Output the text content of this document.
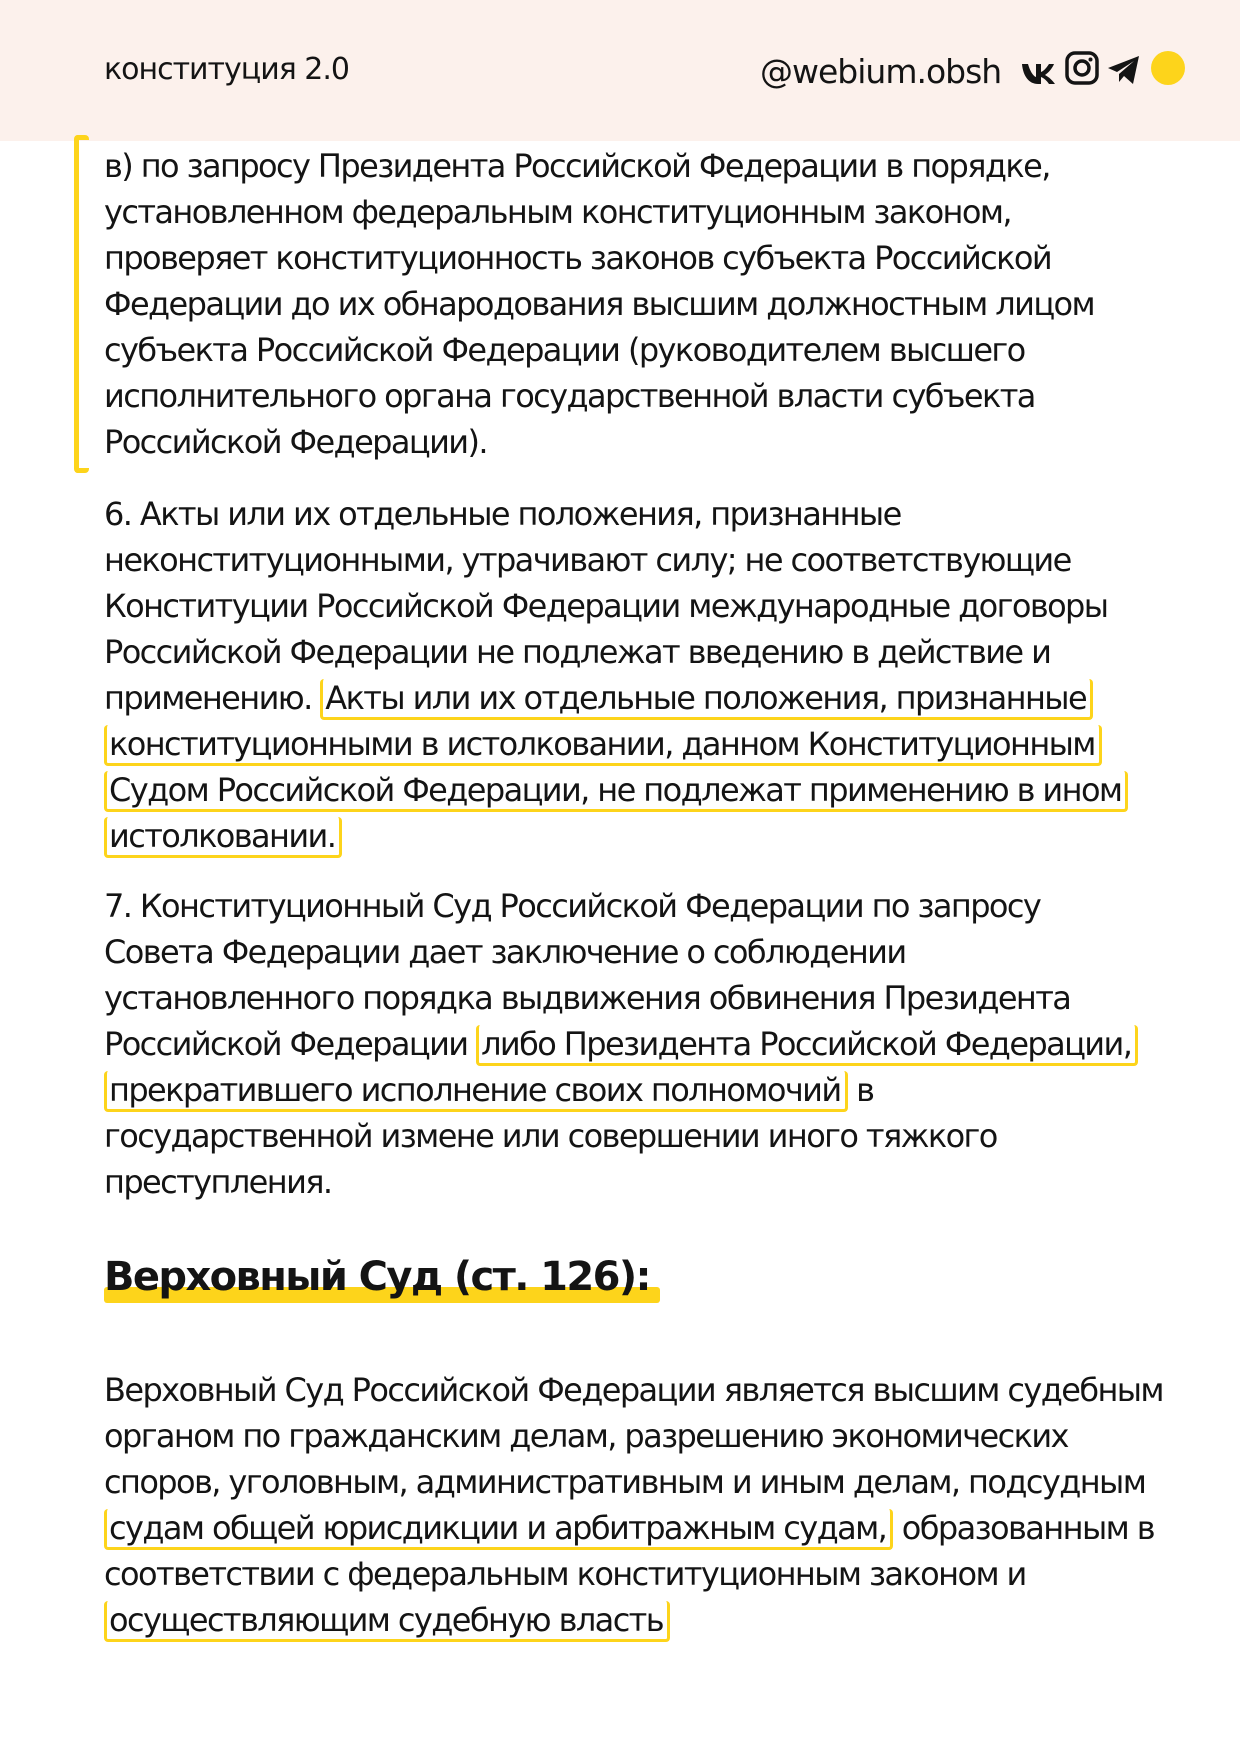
конституция 2.0	@webium.obsh

в) по запросу Президента Российской Федерации в порядке, установленном федеральным конституционным законом, проверяет конституционность законов субъекта Российской Федерации до их обнародования высшим должностным лицом субъекта Российской Федерации (руководителем высшего исполнительного органа государственной власти субъекта Российской Федерации).

6. Акты или их отдельные положения, признанные неконституционными, утрачивают силу; не соответствующие Конституции Российской Федерации международные договоры Российской Федерации не подлежат введению в действие и применению. Акты или их отдельные положения, признанные конституционными в истолковании, данном Конституционным Судом Российской Федерации, не подлежат применению в ином истолковании.

7. Конституционный Суд Российской Федерации по запросу Совета Федерации дает заключение о соблюдении установленного порядка выдвижения обвинения Президента Российской Федерации либо Президента Российской Федерации, прекратившего исполнение своих полномочий в государственной измене или совершении иного тяжкого преступления.

Верховный Суд (ст. 126):

Верховный Суд Российской Федерации является высшим судебным органом по гражданским делам, разрешению экономических споров, уголовным, административным и иным делам, подсудным судам общей юрисдикции и арбитражным судам, образованным в соответствии с федеральным конституционным законом и осуществляющим судебную власть
